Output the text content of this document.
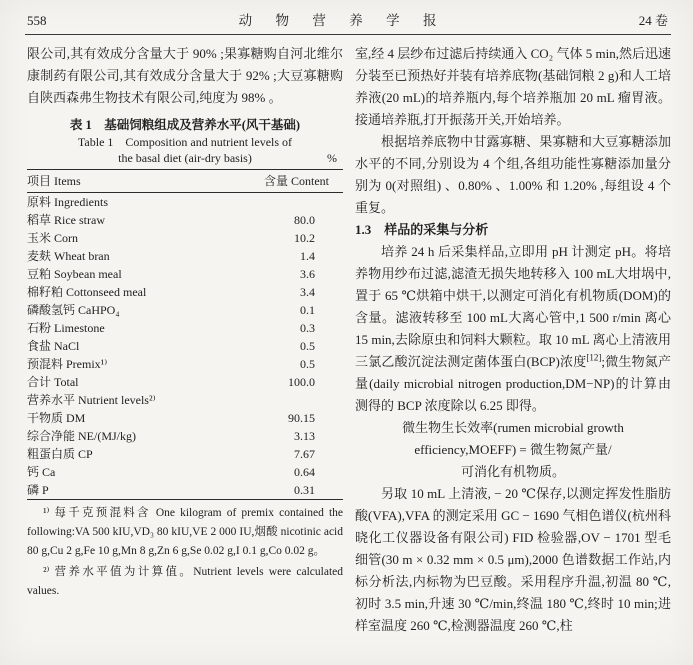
558	动 物 营 养 学 报	24 卷

限公司,其有效成分含量大于 90% ;果寡糖购自河北维尔康制药有限公司,其有效成分含量大于 92% ;大豆寡糖购自陕西森弗生物技术有限公司,纯度为 98% 。

表 1　基础饲粮组成及营养水平(风干基础)
Table 1　Composition and nutrient levels of
the basal diet (air-dry basis)	%
项目 Items	含量 Content
原料 Ingredients
稻草 Rice straw	80.0
玉米 Corn	10.2
麦麸 Wheat bran	1.4
豆粕 Soybean meal	3.6
棉籽粕 Cottonseed meal	3.4
磷酸氢钙 CaHPO₄	0.1
石粉 Limestone	0.3
食盐 NaCl	0.5
预混料 Premix¹⁾	0.5
合计 Total	100.0
营养水平 Nutrient levels²⁾
干物质 DM	90.15
综合净能 NE/(MJ/kg)	3.13
粗蛋白质 CP	7.67
钙 Ca	0.64
磷 P	0.31

¹⁾ 每千克预混料含 One kilogram of premix contained the following:VA 500 kIU,VD₃ 80 kIU,VE 2 000 IU,烟酸 nicotinic acid 80 g,Cu 2 g,Fe 10 g,Mn 8 g,Zn 6 g,Se 0.02 g,I 0.1 g,Co 0.02 g。

²⁾ 营养水平值为计算值。Nutrient levels were calculated values.

室,经 4 层纱布过滤后持续通入 CO₂ 气体 5 min,然后迅速分装至已预热好并装有培养底物(基础饲粮 2 g)和人工培养液(20 mL)的培养瓶内,每个培养瓶加 20 mL 瘤胃液。接通培养瓶,打开振荡开关,开始培养。

根据培养底物中甘露寡糖、果寡糖和大豆寡糖添加水平的不同,分别设为 4 个组,各组功能性寡糖添加量分别为 0(对照组) 、0.80% 、1.00% 和 1.20% ,每组设 4 个重复。

1.3　样品的采集与分析

培养 24 h 后采集样品,立即用 pH 计测定 pH。将培养物用纱布过滤,滤渣无损失地转移入 100 mL大坩埚中,置于 65 ℃烘箱中烘干,以测定可消化有机物质(DOM)的含量。滤液转移至 100 mL大离心管中,1 500 r/min 离心 15 min,去除原虫和饲料大颗粒。取 10 mL 离心上清液用三氯乙酸沉淀法测定菌体蛋白(BCP)浓度[12];微生物氮产量(daily microbial nitrogen production,DM−NP)的计算由测得的 BCP 浓度除以 6.25 即得。

微生物生长效率(rumen microbial growth
efficiency,MOEFF) = 微生物氮产量/
可消化有机物质。

另取 10 mL 上清液, − 20 ℃保存,以测定挥发性脂肪酸(VFA),VFA 的测定采用 GC − 1690 气相色谱仪(杭州科晓化工仪器设备有限公司) FID 检验器,OV − 1701 型毛细管(30 m × 0.32 mm × 0.5 μm),2000 色谱数据工作站,内标分析法,内标物为巴豆酸。采用程序升温,初温 80 ℃,初时 3.5 min,升速 30 ℃/min,终温 180 ℃,终时 10 min;进样室温度 260 ℃,检测器温度 260 ℃,柱
